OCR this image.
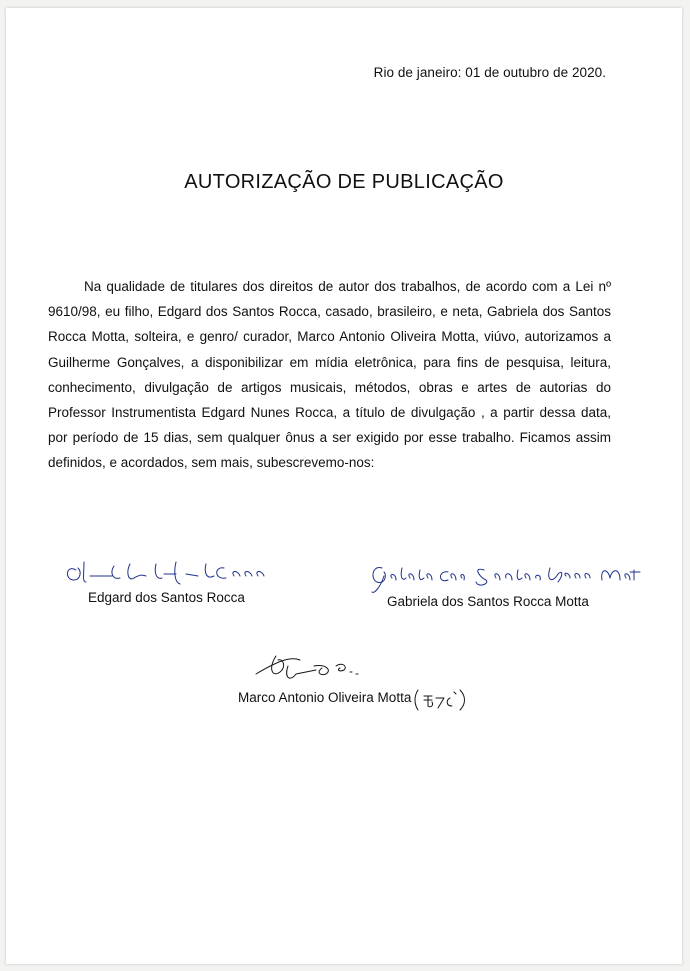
Rio de janeiro: 01 de outubro de 2020.
AUTORIZAÇÃO DE PUBLICAÇÃO
Na qualidade de titulares dos direitos de autor dos trabalhos, de acordo com a Lei nº 9610/98, eu filho, Edgard dos Santos Rocca, casado, brasileiro, e neta, Gabriela dos Santos Rocca Motta, solteira, e genro/ curador, Marco Antonio Oliveira Motta, viúvo, autorizamos a Guilherme Gonçalves, a disponibilizar em mídia eletrônica, para fins de pesquisa, leitura, conhecimento, divulgação de artigos musicais, métodos, obras e artes de autorias do Professor Instrumentista Edgard Nunes Rocca, a título de divulgação , a partir dessa data, por período de 15 dias, sem qualquer ônus a ser exigido por esse trabalho. Ficamos assim definidos, e acordados, sem mais, subescrevemo-nos:
Edgard dos Santos Rocca	Gabriela dos Santos Rocca Motta
Marco Antonio Oliveira Motta
